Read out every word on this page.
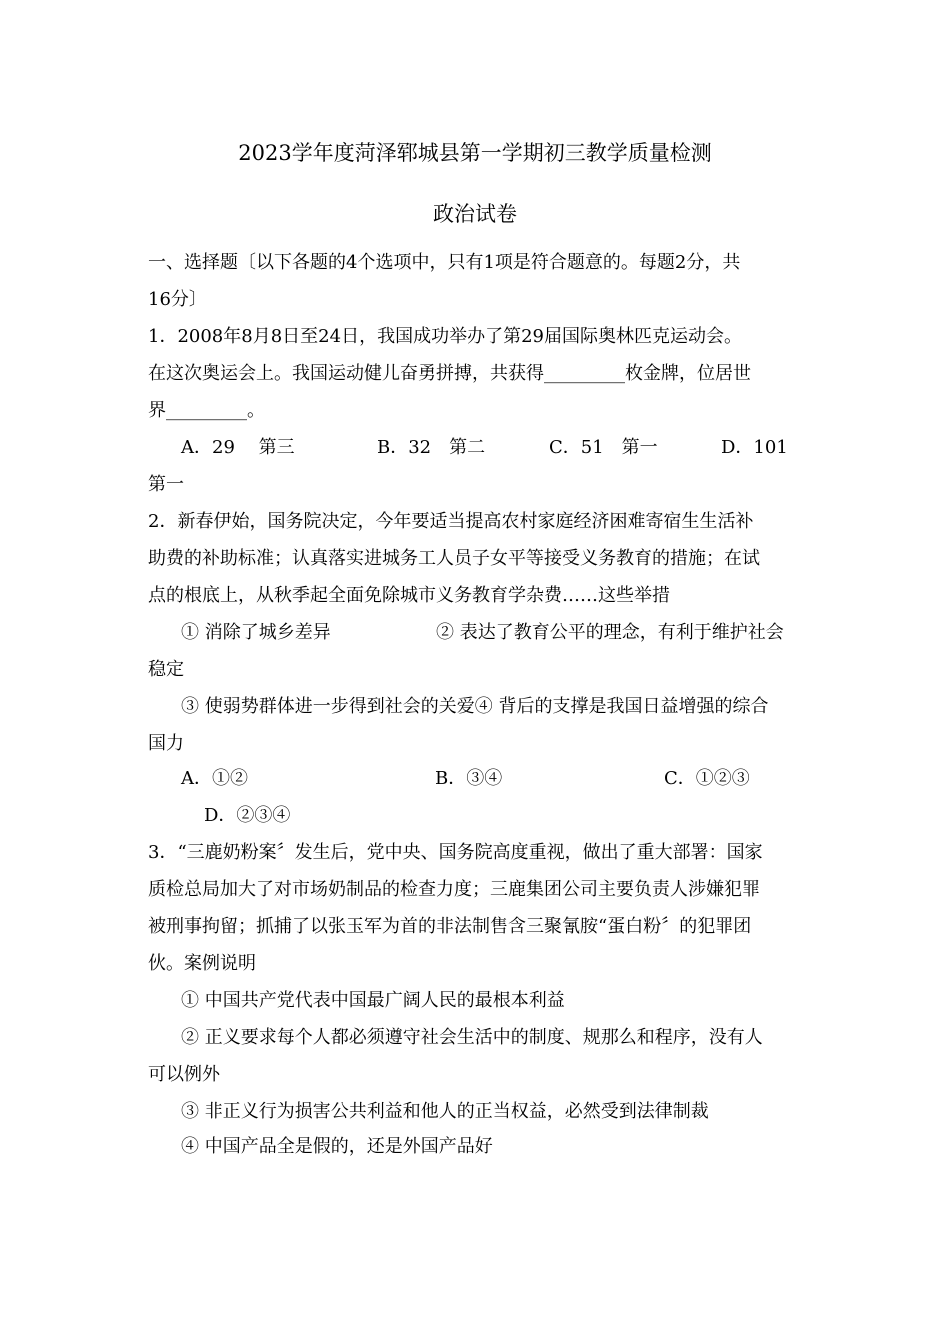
2023学年度菏泽郓城县第一学期初三教学质量检测
政治试卷
一、选择题〔以下各题的4个选项中，只有1项是符合题意的。每题2分，共
16分〕
1．2008年8月8日至24日，我国成功举办了第29届国际奥林匹克运动会。
在这次奥运会上。我国运动健儿奋勇拼搏，共获得_________枚金牌，位居世
界_________。
A．29　 第三	B．32　第二	C．51　第一	D．101
第一
2．新春伊始，国务院决定，今年要适当提高农村家庭经济困难寄宿生生活补
助费的补助标准；认真落实进城务工人员子女平等接受义务教育的措施；在试
点的根底上，从秋季起全面免除城市义务教育学杂费……这些举措
① 消除了城乡差异	② 表达了教育公平的理念，有利于维护社会
稳定
③ 使弱势群体进一步得到社会的关爱④ 背后的支撑是我国日益增强的综合
国力
A．①②	B．③④	C．①②③
D．②③④
3．“三鹿奶粉案〞发生后，党中央、国务院高度重视，做出了重大部署：国家
质检总局加大了对市场奶制品的检查力度；三鹿集团公司主要负责人涉嫌犯罪
被刑事拘留；抓捕了以张玉军为首的非法制售含三聚氰胺“蛋白粉〞的犯罪团
伙。案例说明
① 中国共产党代表中国最广阔人民的最根本利益
② 正义要求每个人都必须遵守社会生活中的制度、规那么和程序，没有人
可以例外
③ 非正义行为损害公共利益和他人的正当权益，必然受到法律制裁
④ 中国产品全是假的，还是外国产品好
